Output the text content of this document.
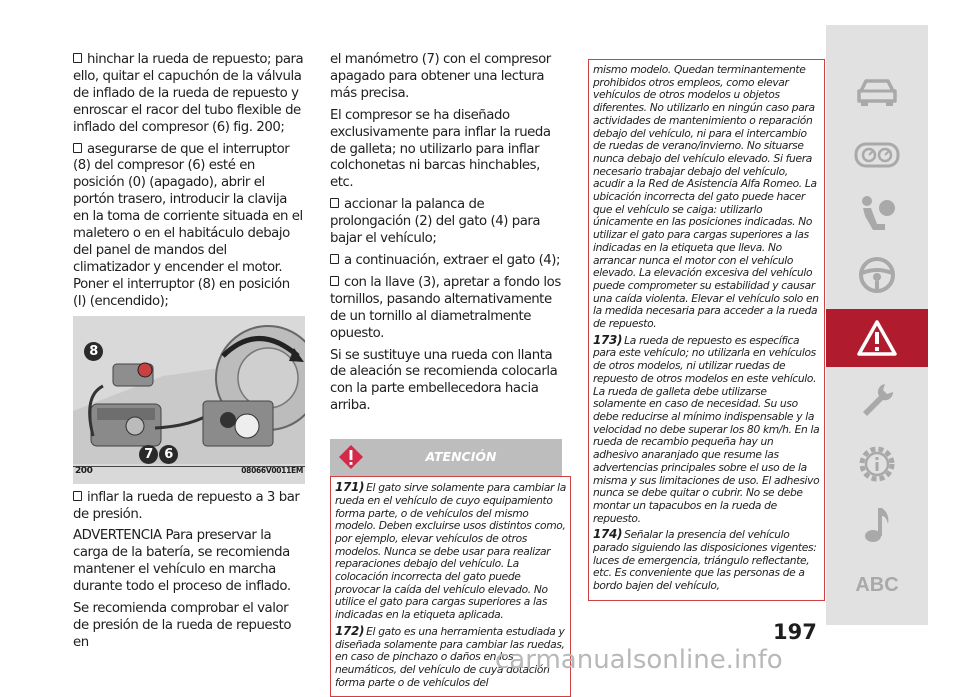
hinchar la rueda de repuesto; para ello, quitar el capuchón de la válvula de inflado de la rueda de repuesto y enroscar el racor del tubo flexible de inflado del compresor (6) fig. 200;

asegurarse de que el interruptor (8) del compresor (6) esté en posición (0) (apagado), abrir el portón trasero, introducir la clavija en la toma de corriente situada en el maletero o en el habitáculo debajo del panel de mandos del climatizador y encender el motor. Poner el interruptor (8) en posición (I) (encendido);

8
7 6
200	08066V0011EM

inflar la rueda de repuesto a 3 bar de presión.

ADVERTENCIA Para preservar la carga de la batería, se recomienda mantener el vehículo en marcha durante todo el proceso de inflado.

Se recomienda comprobar el valor de presión de la rueda de repuesto en

el manómetro (7) con el compresor apagado para obtener una lectura más precisa.

El compresor se ha diseñado exclusivamente para inflar la rueda de galleta; no utilizarlo para inflar colchonetas ni barcas hinchables, etc.

accionar la palanca de prolongación (2) del gato (4) para bajar el vehículo;

a continuación, extraer el gato (4);

con la llave (3), apretar a fondo los tornillos, pasando alternativamente de un tornillo al diametralmente opuesto.

Si se sustituye una rueda con llanta de aleación se recomienda colocarla con la parte embellecedora hacia arriba.

ATENCIÓN

171) El gato sirve solamente para cambiar la rueda en el vehículo de cuyo equipamiento forma parte, o de vehículos del mismo modelo. Deben excluirse usos distintos como, por ejemplo, elevar vehículos de otros modelos. Nunca se debe usar para realizar reparaciones debajo del vehículo. La colocación incorrecta del gato puede provocar la caída del vehículo elevado. No utilice el gato para cargas superiores a las indicadas en la etiqueta aplicada.

172) El gato es una herramienta estudiada y diseñada solamente para cambiar las ruedas, en caso de pinchazo o daños en los neumáticos, del vehículo de cuya dotación forma parte o de vehículos del

mismo modelo. Quedan terminantemente prohibidos otros empleos, como elevar vehículos de otros modelos u objetos diferentes. No utilizarlo en ningún caso para actividades de mantenimiento o reparación debajo del vehículo, ni para el intercambio de ruedas de verano/invierno. No situarse nunca debajo del vehículo elevado. Si fuera necesario trabajar debajo del vehículo, acudir a la Red de Asistencia Alfa Romeo. La ubicación incorrecta del gato puede hacer que el vehículo se caiga: utilizarlo únicamente en las posiciones indicadas. No utilizar el gato para cargas superiores a las indicadas en la etiqueta que lleva. No arrancar nunca el motor con el vehículo elevado. La elevación excesiva del vehículo puede comprometer su estabilidad y causar una caída violenta. Elevar el vehículo solo en la medida necesaria para acceder a la rueda de repuesto.

173) La rueda de repuesto es específica para este vehículo; no utilizarla en vehículos de otros modelos, ni utilizar ruedas de repuesto de otros modelos en este vehículo. La rueda de galleta debe utilizarse solamente en caso de necesidad. Su uso debe reducirse al mínimo indispensable y la velocidad no debe superar los 80 km/h. En la rueda de recambio pequeña hay un adhesivo anaranjado que resume las advertencias principales sobre el uso de la misma y sus limitaciones de uso. El adhesivo nunca se debe quitar o cubrir. No se debe montar un tapacubos en la rueda de repuesto.

174) Señalar la presencia del vehículo parado siguiendo las disposiciones vigentes: luces de emergencia, triángulo reflectante, etc. Es conveniente que las personas de a bordo bajen del vehículo,

197
ABC
carmanualsonline.info
